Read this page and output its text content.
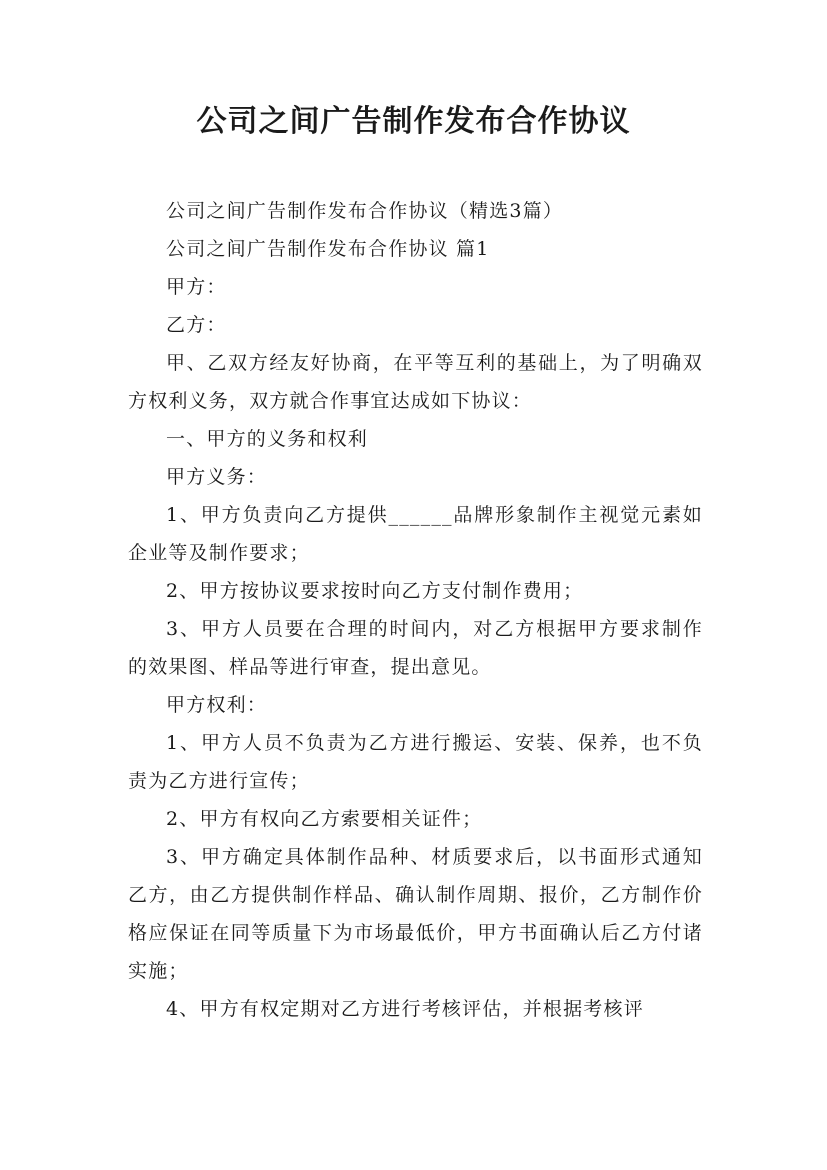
公司之间广告制作发布合作协议

公司之间广告制作发布合作协议（精选3篇）

公司之间广告制作发布合作协议 篇1

甲方：

乙方：

甲、乙双方经友好协商，在平等互利的基础上，为了明确双方权利义务，双方就合作事宜达成如下协议：

一、甲方的义务和权利

甲方义务：

1、甲方负责向乙方提供______品牌形象制作主视觉元素如企业等及制作要求；

2、甲方按协议要求按时向乙方支付制作费用；

3、甲方人员要在合理的时间内，对乙方根据甲方要求制作的效果图、样品等进行审查，提出意见。

甲方权利：

1、甲方人员不负责为乙方进行搬运、安装、保养，也不负责为乙方进行宣传；

2、甲方有权向乙方索要相关证件；

3、甲方确定具体制作品种、材质要求后，以书面形式通知乙方，由乙方提供制作样品、确认制作周期、报价，乙方制作价格应保证在同等质量下为市场最低价，甲方书面确认后乙方付诸实施；

4、甲方有权定期对乙方进行考核评估，并根据考核评
